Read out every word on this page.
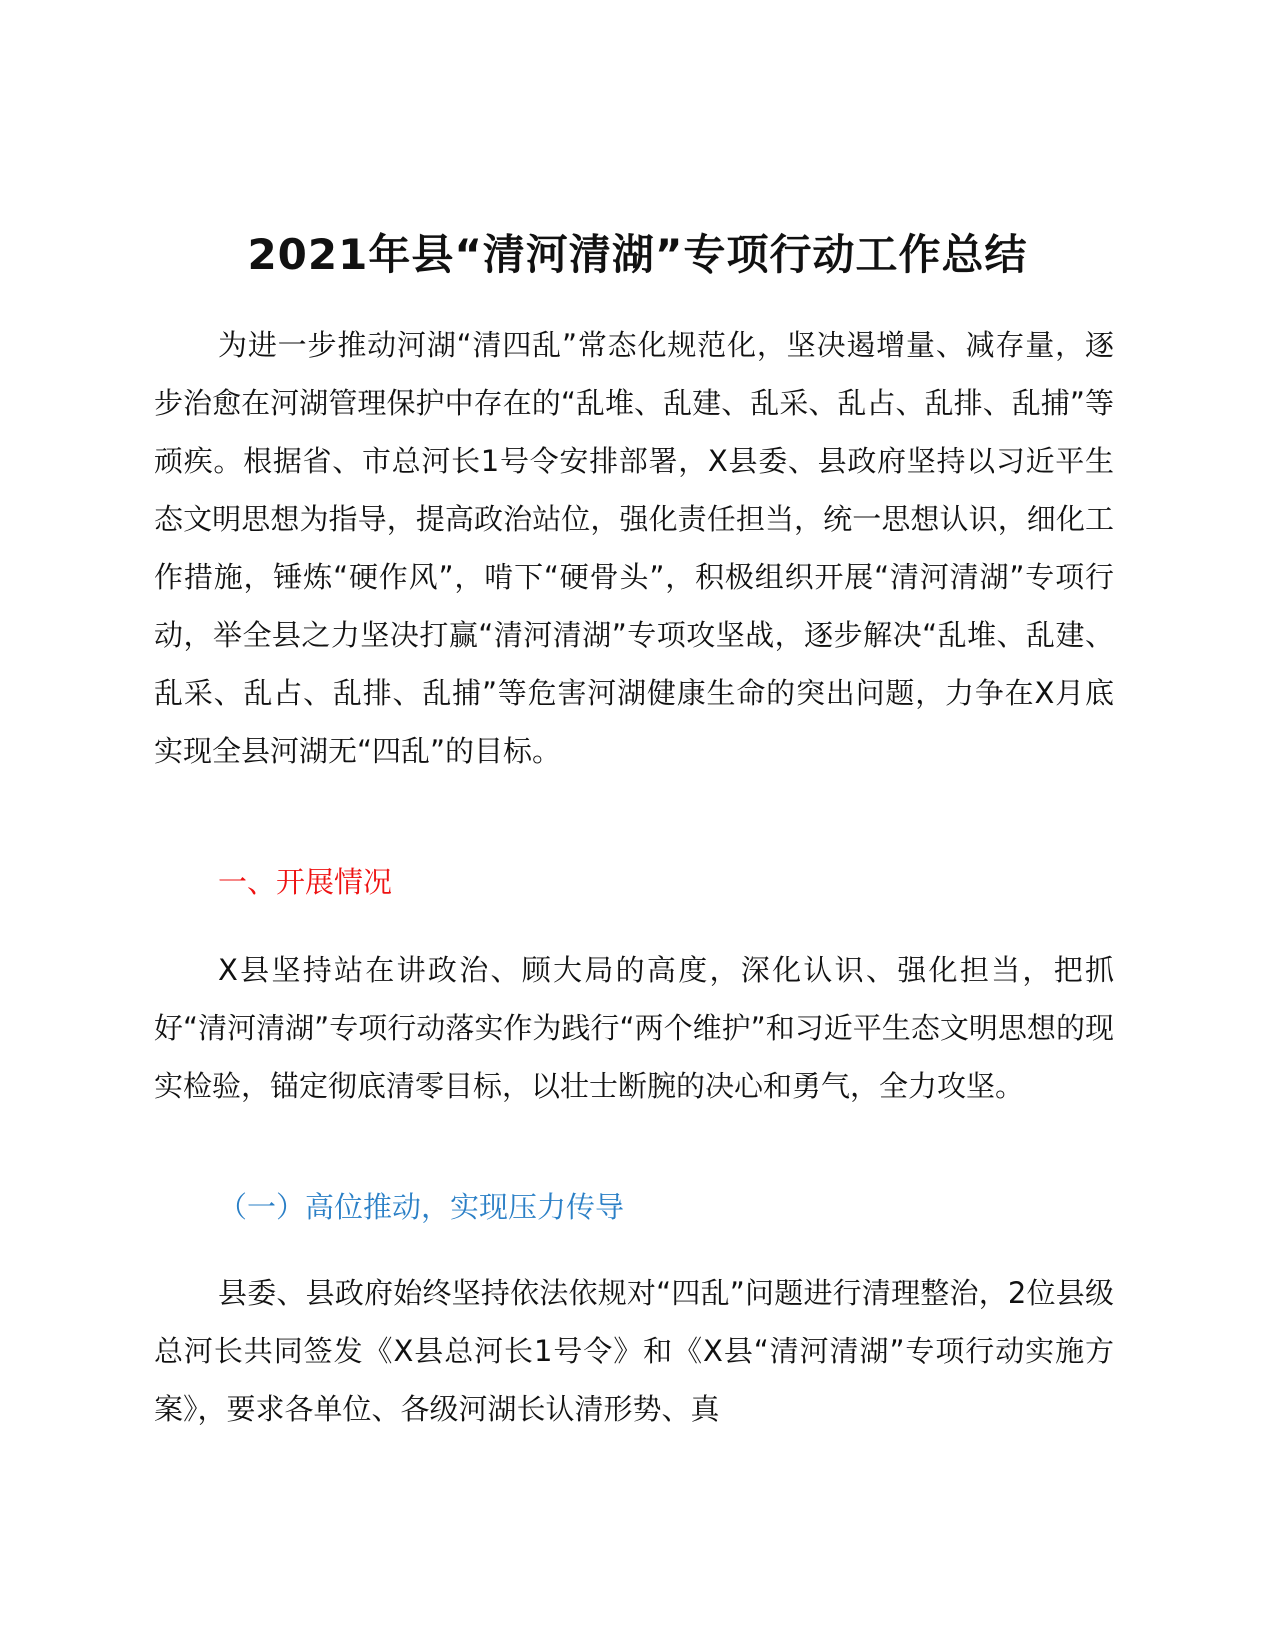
2021年县“清河清湖”专项行动工作总结

为进一步推动河湖“清四乱”常态化规范化，坚决遏增量、减存量，逐步治愈在河湖管理保护中存在的“乱堆、乱建、乱采、乱占、乱排、乱捕”等顽疾。根据省、市总河长1号令安排部署，X县委、县政府坚持以习近平生态文明思想为指导，提高政治站位，强化责任担当，统一思想认识，细化工作措施，锤炼“硬作风”，啃下“硬骨头”，积极组织开展“清河清湖”专项行动，举全县之力坚决打赢“清河清湖”专项攻坚战，逐步解决“乱堆、乱建、乱采、乱占、乱排、乱捕”等危害河湖健康生命的突出问题，力争在X月底实现全县河湖无“四乱”的目标。

一、开展情况

X县坚持站在讲政治、顾大局的高度，深化认识、强化担当，把抓好“清河清湖”专项行动落实作为践行“两个维护”和习近平生态文明思想的现实检验，锚定彻底清零目标，以壮士断腕的决心和勇气，全力攻坚。

（一）高位推动，实现压力传导

县委、县政府始终坚持依法依规对“四乱”问题进行清理整治，2位县级总河长共同签发《X县总河长1号令》和《X县“清河清湖”专项行动实施方案》，要求各单位、各级河湖长认清形势、真
